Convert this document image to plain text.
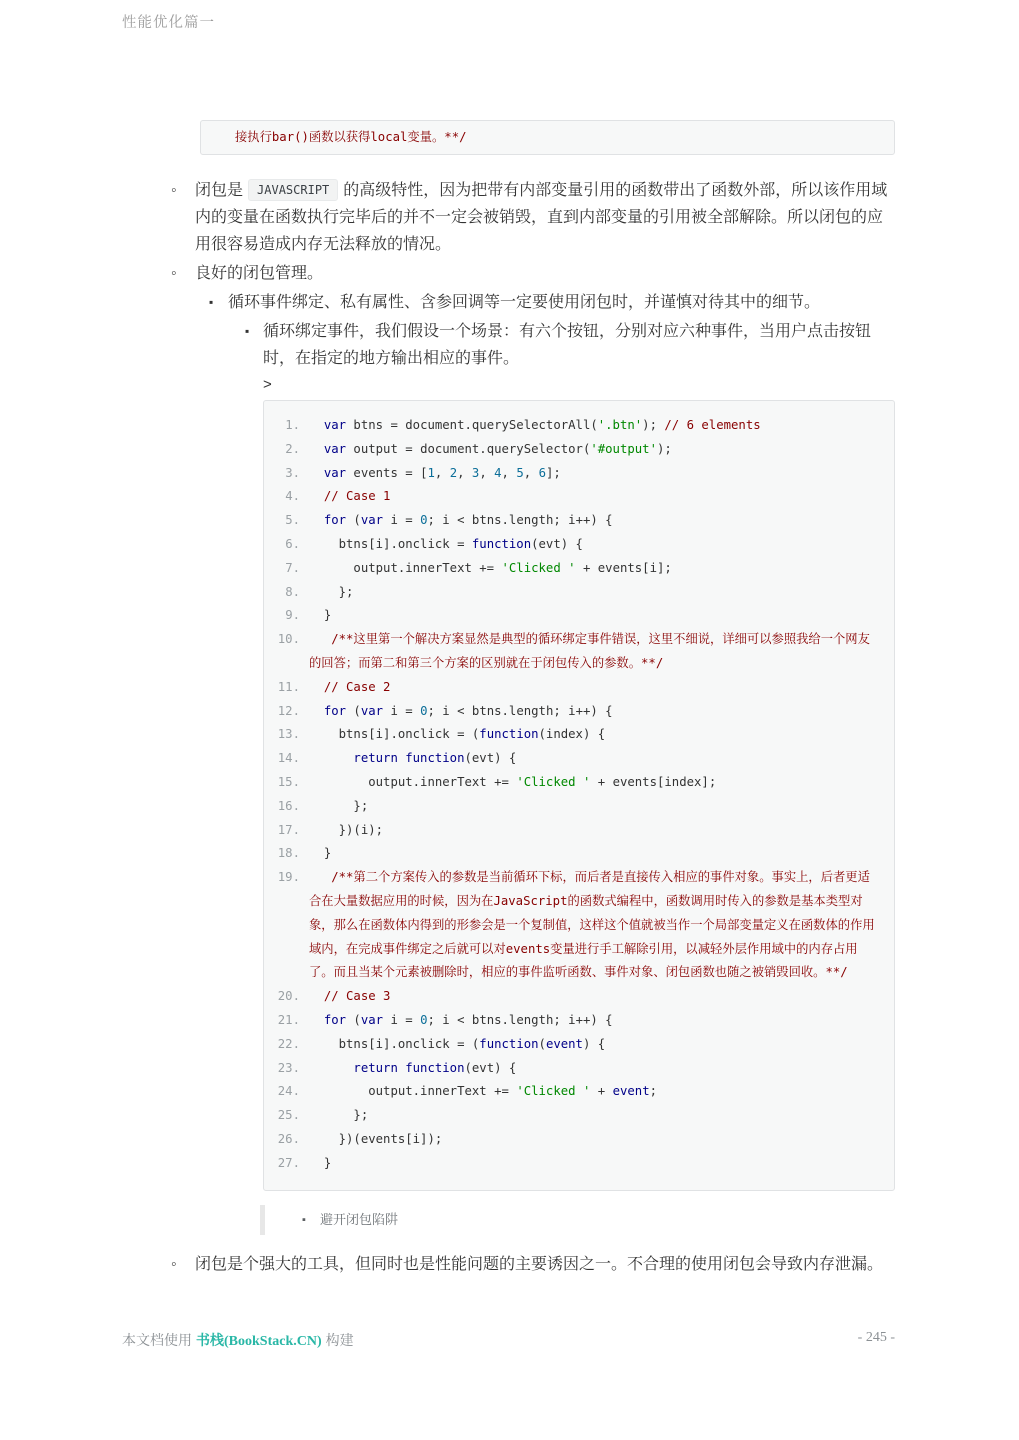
性能优化篇一
接执行bar()函数以获得local变量。**/
◦ 闭包是 JAVASCRIPT 的高级特性，因为把带有内部变量引用的函数带出了函数外部，所以该作用域内的变量在函数执行完毕后的并不一定会被销毁，直到内部变量的引用被全部解除。所以闭包的应用很容易造成内存无法释放的情况。
◦ 良好的闭包管理。
▪ 循环事件绑定、私有属性、含参回调等一定要使用闭包时，并谨慎对待其中的细节。
▪ 循环绑定事件，我们假设一个场景：有六个按钮，分别对应六种事件，当用户点击按钮时，在指定的地方输出相应的事件。
>
1.	var btns = document.querySelectorAll('.btn'); // 6 elements
2.	var output = document.querySelector('#output');
3.	var events = [1, 2, 3, 4, 5, 6];
4.	// Case 1
5.	for (var i = 0; i < btns.length; i++) {
6. btns[i].onclick = function(evt) {
7. output.innerText += 'Clicked ' + events[i];
8. };
9. }
10.	/**这里第一个解决方案显然是典型的循环绑定事件错误，这里不细说，详细可以参照我给一个网友的回答；而第二和第三个方案的区别就在于闭包传入的参数。**/
11.	// Case 2
12.	for (var i = 0; i < btns.length; i++) {
13. btns[i].onclick = (function(index) {
14.	return function(evt) {
15. output.innerText += 'Clicked ' + events[index];
16. };
17. })(i);
18. }
19.	/**第二个方案传入的参数是当前循环下标，而后者是直接传入相应的事件对象。事实上，后者更适合在大量数据应用的时候，因为在JavaScript的函数式编程中，函数调用时传入的参数是基本类型对象，那么在函数体内得到的形参会是一个复制值，这样这个值就被当作一个局部变量定义在函数体的作用域内，在完成事件绑定之后就可以对events变量进行手工解除引用，以减轻外层作用域中的内存占用了。而且当某个元素被删除时，相应的事件监听函数、事件对象、闭包函数也随之被销毁回收。**/
20.	// Case 3
21.	for (var i = 0; i < btns.length; i++) {
22. btns[i].onclick = (function(event) {
23.	return function(evt) {
24. output.innerText += 'Clicked ' + event;
25. };
26. })(events[i]);
27. }
▪ 避开闭包陷阱
◦ 闭包是个强大的工具，但同时也是性能问题的主要诱因之一。不合理的使用闭包会导致内存泄漏。
本文档使用 书栈(BookStack.CN) 构建	- 245 -
